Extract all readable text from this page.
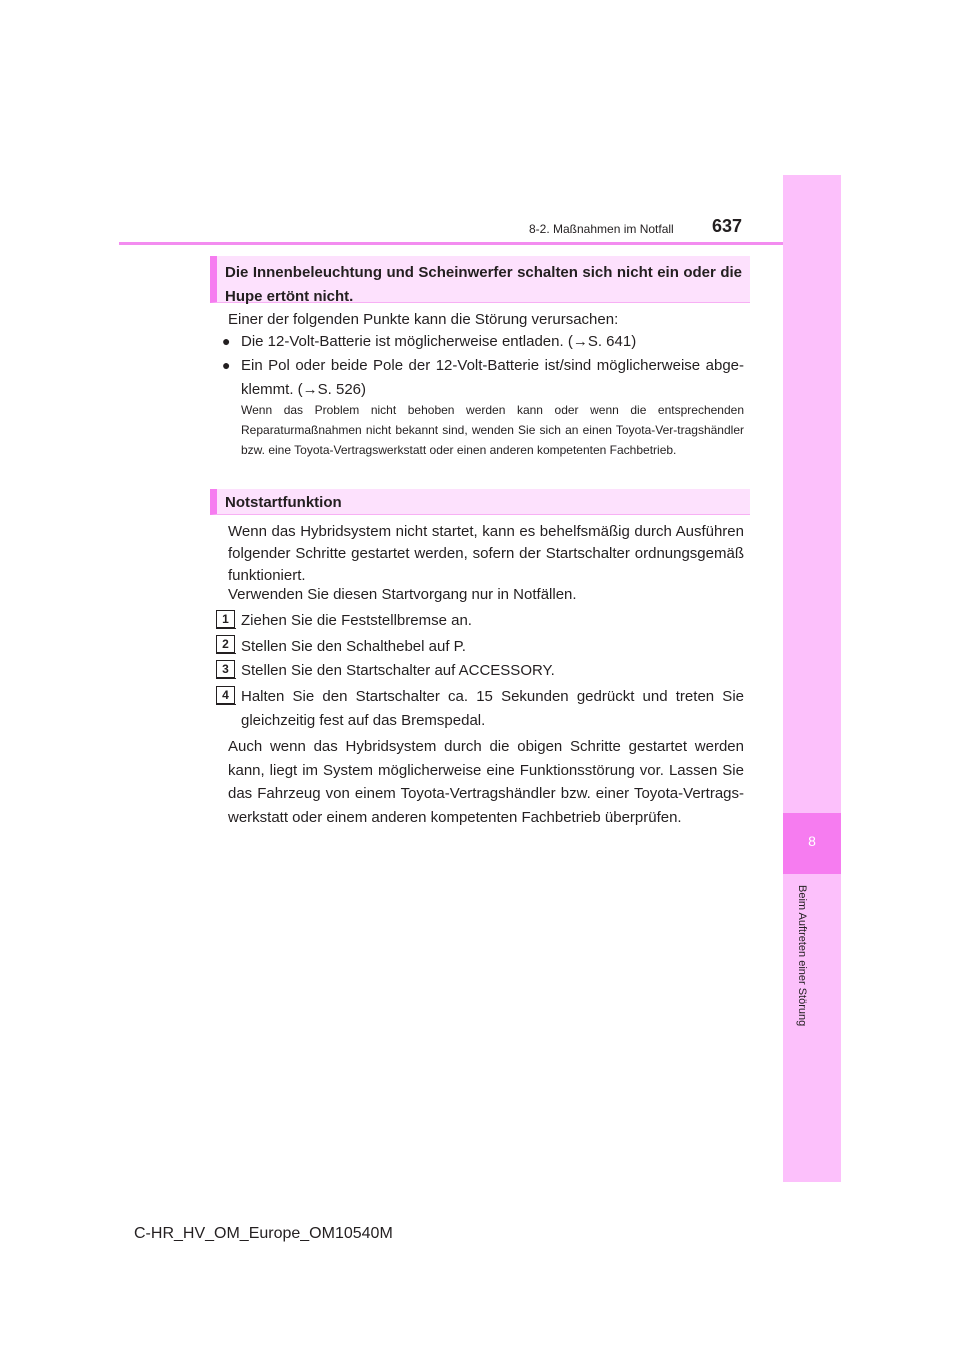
8
Beim Auftreten einer Störung
8-2. Maßnahmen im Notfall 637
Die Innenbeleuchtung und Scheinwerfer schalten sich nicht ein oder die Hupe ertönt nicht.
Einer der folgenden Punkte kann die Störung verursachen:
● Die 12-Volt-Batterie ist möglicherweise entladen. (→S. 641)
● Ein Pol oder beide Pole der 12-Volt-Batterie ist/sind möglicherweise abge-klemmt. (→S. 526)
Wenn das Problem nicht behoben werden kann oder wenn die entsprechenden Reparaturmaßnahmen nicht bekannt sind, wenden Sie sich an einen Toyota-Ver-tragshändler bzw. eine Toyota-Vertragswerkstatt oder einen anderen kompetenten Fachbetrieb.
Notstartfunktion
Wenn das Hybridsystem nicht startet, kann es behelfsmäßig durch Ausführen folgender Schritte gestartet werden, sofern der Startschalter ordnungsgemäß funktioniert.
Verwenden Sie diesen Startvorgang nur in Notfällen.
1 Ziehen Sie die Feststellbremse an.
2 Stellen Sie den Schalthebel auf P.
3 Stellen Sie den Startschalter auf ACCESSORY.
4 Halten Sie den Startschalter ca. 15 Sekunden gedrückt und treten Sie gleichzeitig fest auf das Bremspedal.
Auch wenn das Hybridsystem durch die obigen Schritte gestartet werden kann, liegt im System möglicherweise eine Funktionsstörung vor. Lassen Sie das Fahrzeug von einem Toyota-Vertragshändler bzw. einer Toyota-Vertrags-werkstatt oder einem anderen kompetenten Fachbetrieb überprüfen.
C-HR_HV_OM_Europe_OM10540M
